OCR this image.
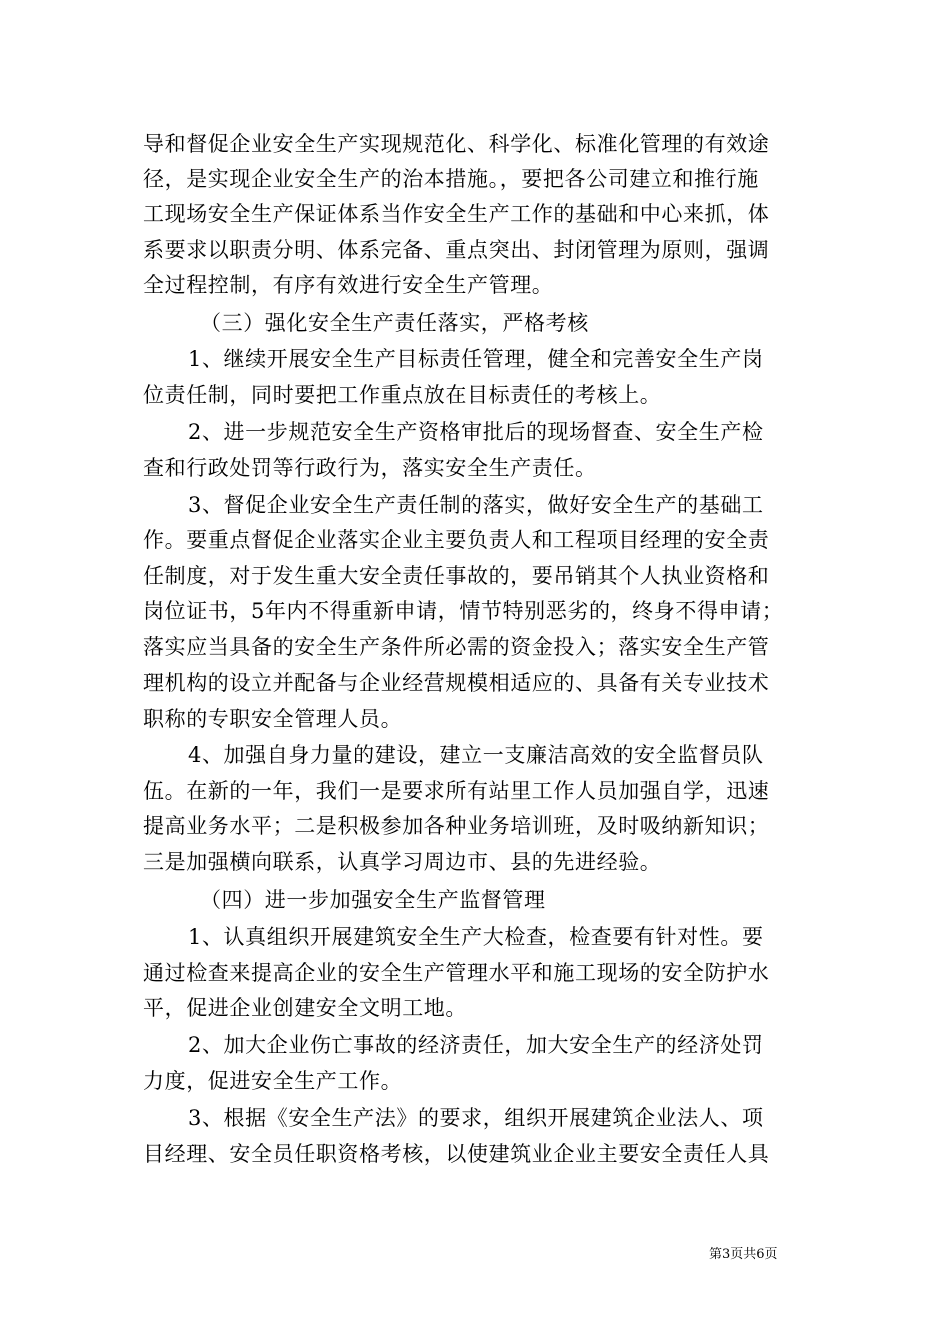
导和督促企业安全生产实现规范化、科学化、标准化管理的有效途
径，是实现企业安全生产的治本措施。，要把各公司建立和推行施
工现场安全生产保证体系当作安全生产工作的基础和中心来抓，体
系要求以职责分明、体系完备、重点突出、封闭管理为原则，强调
全过程控制，有序有效进行安全生产管理。
（三）强化安全生产责任落实，严格考核
1、继续开展安全生产目标责任管理，健全和完善安全生产岗
位责任制，同时要把工作重点放在目标责任的考核上。
2、进一步规范安全生产资格审批后的现场督查、安全生产检
查和行政处罚等行政行为，落实安全生产责任。
3、督促企业安全生产责任制的落实，做好安全生产的基础工
作。要重点督促企业落实企业主要负责人和工程项目经理的安全责
任制度，对于发生重大安全责任事故的，要吊销其个人执业资格和
岗位证书，5年内不得重新申请，情节特别恶劣的，终身不得申请；
落实应当具备的安全生产条件所必需的资金投入；落实安全生产管
理机构的设立并配备与企业经营规模相适应的、具备有关专业技术
职称的专职安全管理人员。
4、加强自身力量的建设，建立一支廉洁高效的安全监督员队
伍。在新的一年，我们一是要求所有站里工作人员加强自学，迅速
提高业务水平；二是积极参加各种业务培训班，及时吸纳新知识；
三是加强横向联系，认真学习周边市、县的先进经验。
（四）进一步加强安全生产监督管理
1、认真组织开展建筑安全生产大检查，检查要有针对性。要
通过检查来提高企业的安全生产管理水平和施工现场的安全防护水
平，促进企业创建安全文明工地。
2、加大企业伤亡事故的经济责任，加大安全生产的经济处罚
力度，促进安全生产工作。
3、根据《安全生产法》的要求，组织开展建筑企业法人、项
目经理、安全员任职资格考核，以使建筑业企业主要安全责任人具
第3页共6页
